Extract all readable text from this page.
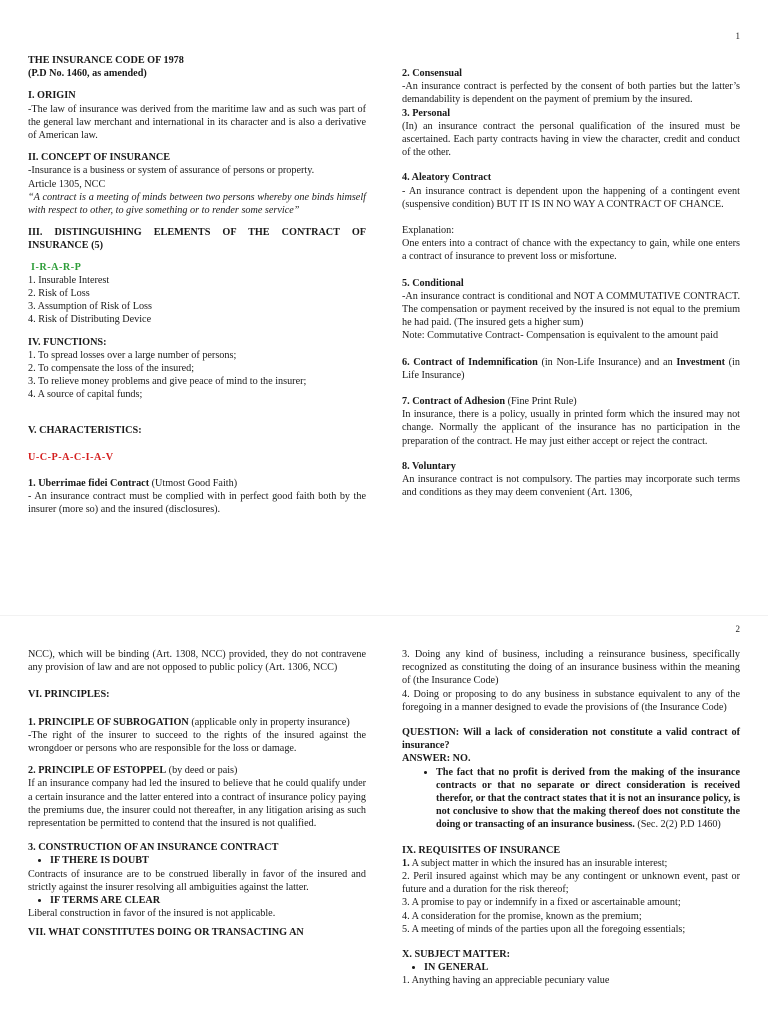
1

THE INSURANCE CODE OF 1978

(P.D No. 1460, as amended)

I. ORIGIN

-The law of insurance was derived from the maritime law and as such was part of the general law merchant and international in its character and is also a derivative of American law.

II. CONCEPT OF INSURANCE

-Insurance is a business or system of assurance of persons or property.

Article 1305, NCC

“A contract is a meeting of minds between two persons whereby one binds himself with respect to other, to give something or to render some service”

III. DISTINGUISHING ELEMENTS OF THE CONTRACT OF INSURANCE (5)

I-R-A-R-P

1. Insurable Interest

2. Risk of Loss

3. Assumption of Risk of Loss

4. Risk of Distributing Device

IV. FUNCTIONS:

1. To spread losses over a large number of persons;

2. To compensate the loss of the insured;

3. To relieve money problems and give peace of mind to the insurer;

4. A source of capital funds;

V. CHARACTERISTICS:

U-C-P-A-C-I-A-V

1. Uberrimae fidei Contract (Utmost Good Faith)

- An insurance contract must be complied with in perfect good faith both by the insurer (more so) and the insured (disclosures).

2. Consensual

-An insurance contract is perfected by the consent of both parties but the latter’s demandability is dependent on the payment of premium by the insured.

3. Personal

(In) an insurance contract the personal qualification of the insured must be ascertained. Each party contracts having in view the character, credit and conduct of the other.

4. Aleatory Contract

- An insurance contract is dependent upon the happening of a contingent event (suspensive condition) BUT IT IS IN NO WAY A CONTRACT OF CHANCE.

Explanation:

One enters into a contract of chance with the expectancy to gain, while one enters a contract of insurance to prevent loss or misfortune.

5. Conditional

-An insurance contract is conditional and NOT A COMMUTATIVE CONTRACT. The compensation or payment received by the insured is not equal to the premium he had paid. (The insured gets a higher sum)

Note: Commutative Contract- Compensation is equivalent to the amount paid

6. Contract of Indemnification (in Non-Life Insurance) and an Investment (in Life Insurance)

7. Contract of Adhesion (Fine Print Rule)

In insurance, there is a policy, usually in printed form which the insured may not change. Normally the applicant of the insurance has no participation in the preparation of the contract. He may just either accept or reject the contract.

8. Voluntary

An insurance contract is not compulsory. The parties may incorporate such terms and conditions as they may deem convenient (Art. 1306,

2

NCC), which will be binding (Art. 1308, NCC) provided, they do not contravene any provision of law and are not opposed to public policy (Art. 1306, NCC)

VI. PRINCIPLES:

1. PRINCIPLE OF SUBROGATION (applicable only in property insurance)

-The right of the insurer to succeed to the rights of the insured against the wrongdoer or persons who are responsible for the loss or damage.

2. PRINCIPLE OF ESTOPPEL (by deed or pais)

If an insurance company had led the insured to believe that he could qualify under a certain insurance and the latter entered into a contract of insurance policy paying the premiums due, the insurer could not thereafter, in any litigation arising as such representation be permitted to contend that the insured is not qualified.

3. CONSTRUCTION OF AN INSURANCE CONTRACT

• IF THERE IS DOUBT

Contracts of insurance are to be construed liberally in favor of the insured and strictly against the insurer resolving all ambiguities against the latter.

• IF TERMS ARE CLEAR

Liberal construction in favor of the insured is not applicable.

VII. WHAT CONSTITUTES DOING OR TRANSACTING AN

3. Doing any kind of business, including a reinsurance business, specifically recognized as constituting the doing of an insurance business within the meaning of (the Insurance Code)

4. Doing or proposing to do any business in substance equivalent to any of the foregoing in a manner designed to evade the provisions of (the Insurance Code)

QUESTION: Will a lack of consideration not constitute a valid contract of insurance?

ANSWER: NO.

• The fact that no profit is derived from the making of the insurance contracts or that no separate or direct consideration is received therefor, or that the contract states that it is not an insurance policy, is not conclusive to show that the making thereof does not constitute the doing or transacting of an insurance business. (Sec. 2(2) P.D 1460)

IX. REQUISITES OF INSURANCE

1. A subject matter in which the insured has an insurable interest;

2. Peril insured against which may be any contingent or unknown event, past or future and a duration for the risk thereof;

3. A promise to pay or indemnify in a fixed or ascertainable amount;

4. A consideration for the promise, known as the premium;

5. A meeting of minds of the parties upon all the foregoing essentials;

X. SUBJECT MATTER:

• IN GENERAL

1. Anything having an appreciable pecuniary value
